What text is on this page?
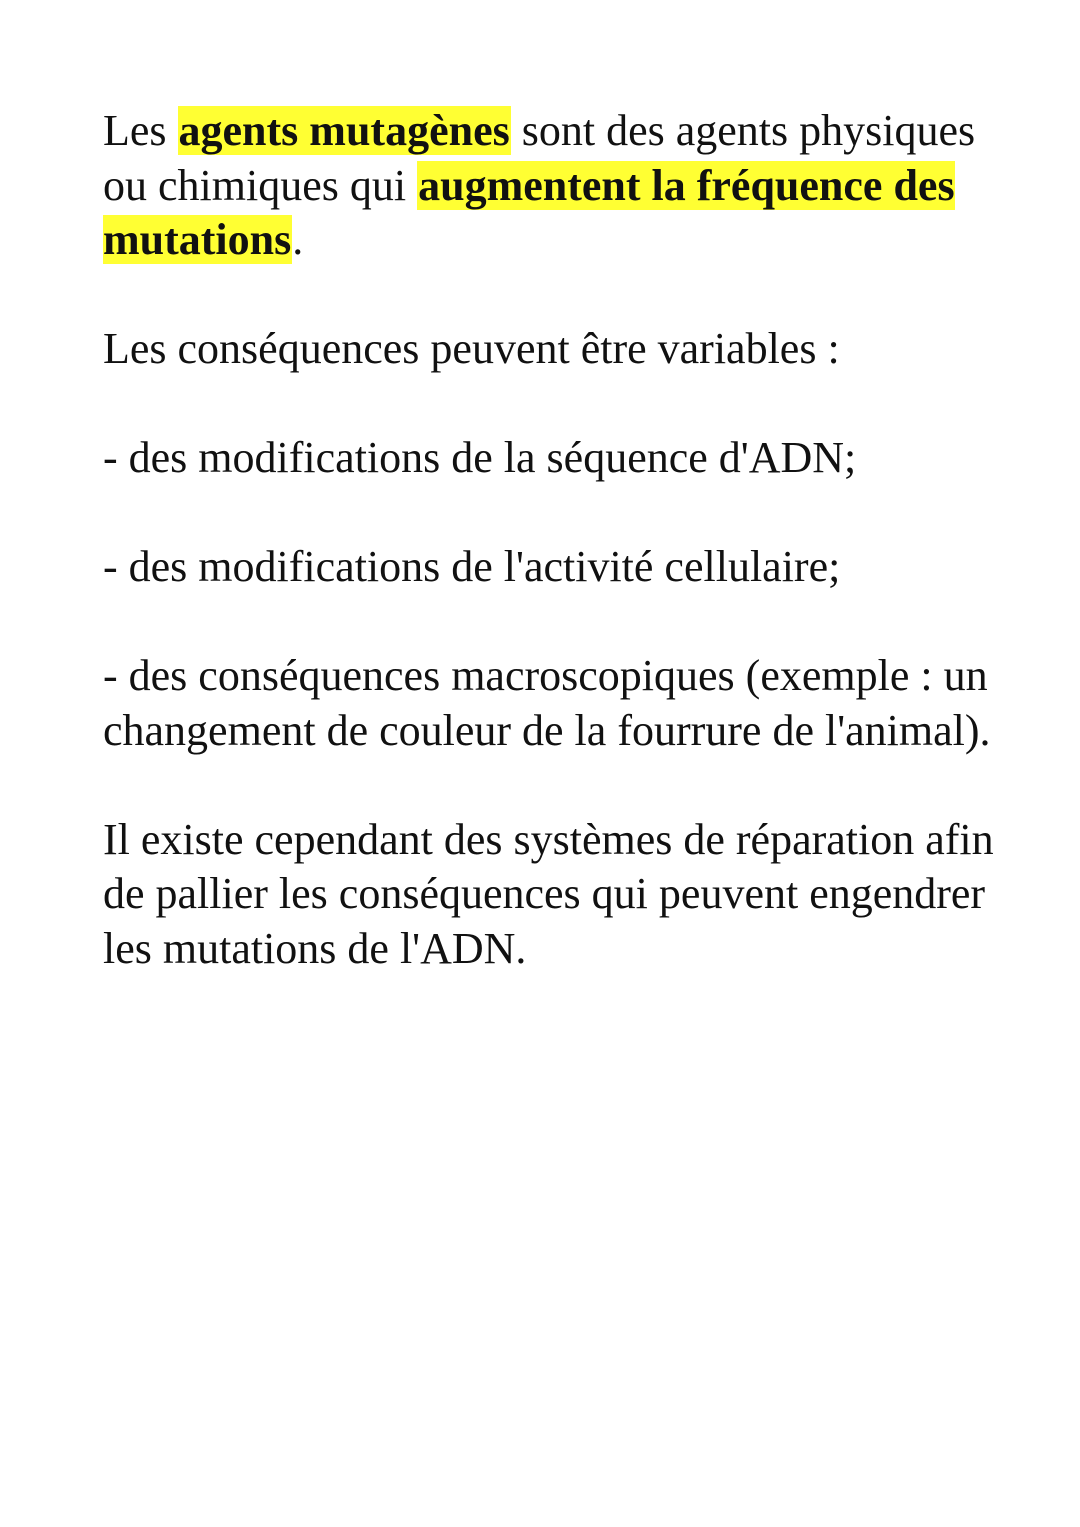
Les agents mutagènes sont des agents physiques ou chimiques qui augmentent la fréquence des mutations.

Les conséquences peuvent être variables :

- des modifications de la séquence d'ADN;

- des modifications de l'activité cellulaire;

- des conséquences macroscopiques (exemple : un changement de couleur de la fourrure de l'animal).

Il existe cependant des systèmes de réparation afin de pallier les conséquences qui peuvent engendrer les mutations de l'ADN.
